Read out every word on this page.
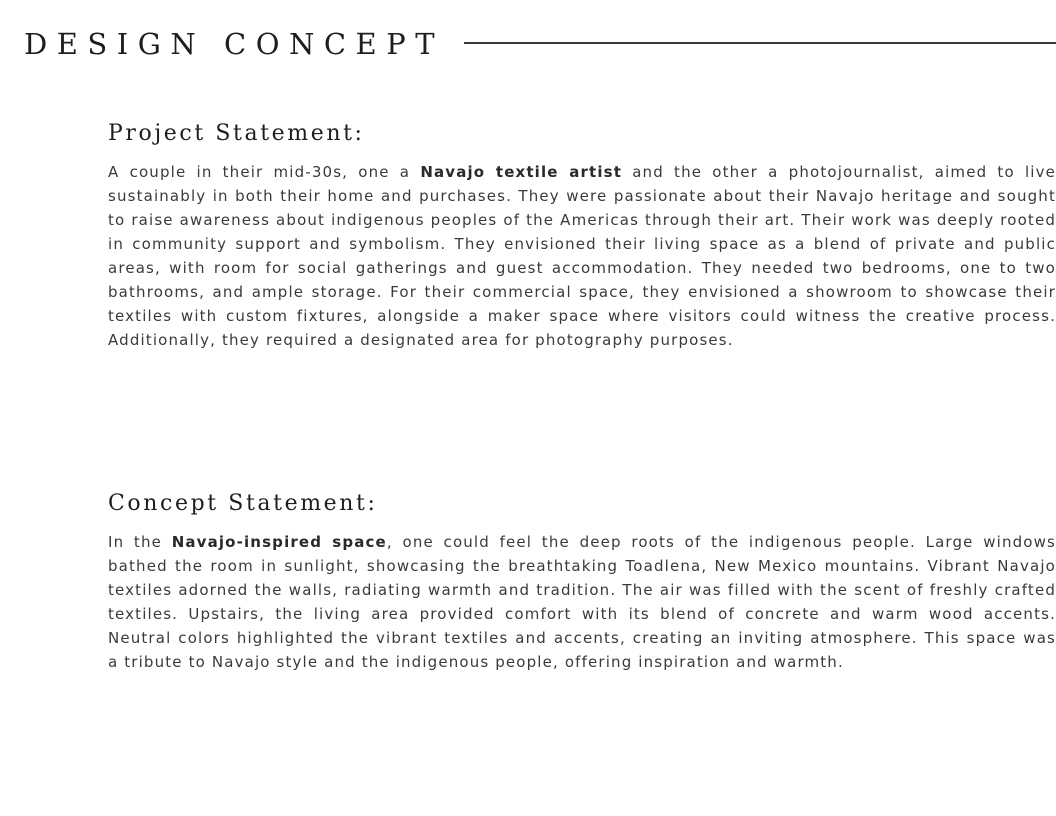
DESIGN CONCEPT
Project Statement:

A couple in their mid-30s, one a Navajo textile artist and the other a photojournalist, aimed to live sustainably in both their home and purchases. They were passionate about their Navajo heritage and sought to raise awareness about indigenous peoples of the Americas through their art. Their work was deeply rooted in community support and symbolism. They envisioned their living space as a blend of private and public areas, with room for social gatherings and guest accommodation. They needed two bedrooms, one to two bathrooms, and ample storage. For their commercial space, they envisioned a showroom to showcase their textiles with custom fixtures, alongside a maker space where visitors could witness the creative process. Additionally, they required a designated area for photography purposes.

Concept Statement:

In the Navajo-inspired space, one could feel the deep roots of the indigenous people. Large windows bathed the room in sunlight, showcasing the breathtaking Toadlena, New Mexico mountains. Vibrant Navajo textiles adorned the walls, radiating warmth and tradition. The air was filled with the scent of freshly crafted textiles. Upstairs, the living area provided comfort with its blend of concrete and warm wood accents. Neutral colors highlighted the vibrant textiles and accents, creating an inviting atmosphere. This space was a tribute to Navajo style and the indigenous people, offering inspiration and warmth.
